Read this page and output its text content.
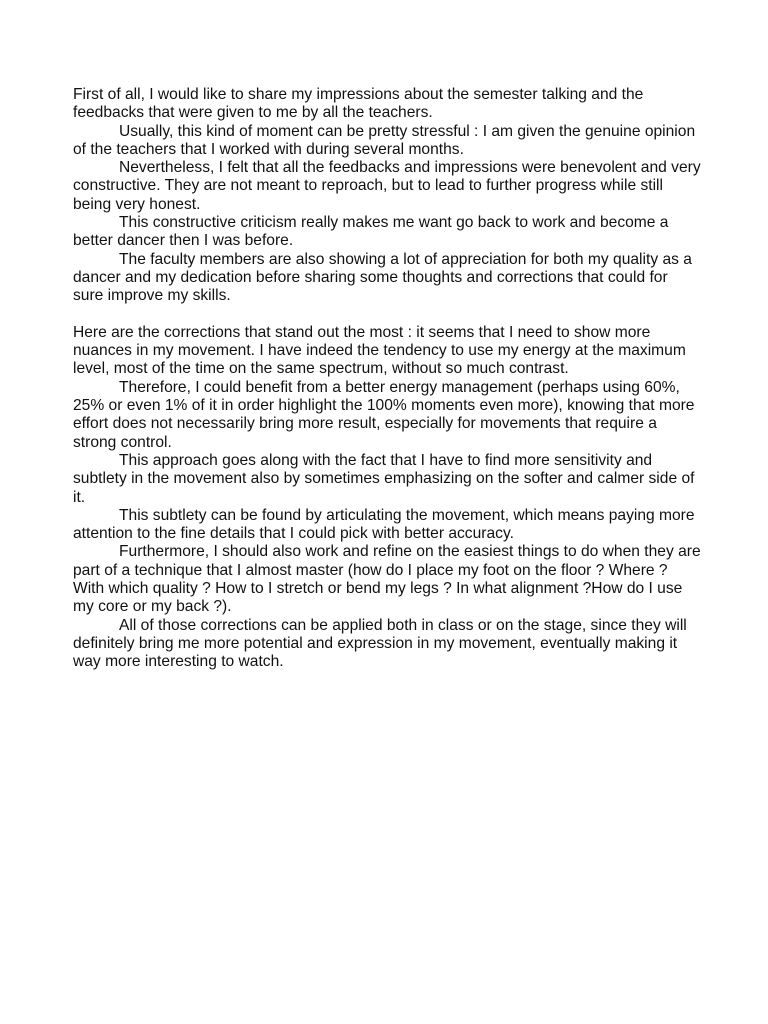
First of all, I would like to share my impressions about the semester talking and the feedbacks that were given to me by all the teachers.

Usually, this kind of moment can be pretty stressful : I am given the genuine opinion of the teachers that I worked with during several months.

Nevertheless, I felt that all the feedbacks and impressions were benevolent and very constructive. They are not meant to reproach, but to lead to further progress while still being very honest.

This constructive criticism really makes me want go back to work and become a better dancer then I was before.

The faculty members are also showing a lot of appreciation for both my quality as a dancer and my dedication before sharing some thoughts and corrections that could for sure improve my skills.

Here are the corrections that stand out the most : it seems that I need to show more nuances in my movement. I have indeed the tendency to use my energy at the maximum level, most of the time on the same spectrum, without so much contrast.

Therefore, I could benefit from a better energy management (perhaps using 60%, 25% or even 1% of it in order highlight the 100% moments even more), knowing that more effort does not necessarily bring more result, especially for movements that require a strong control.

This approach goes along with the fact that I have to find more sensitivity and subtlety in the movement also by sometimes emphasizing on the softer and calmer side of it.

This subtlety can be found by articulating the movement, which means paying more attention to the fine details that I could pick with better accuracy.

Furthermore, I should also work and refine on the easiest things to do when they are part of a technique that I almost master (how do I place my foot on the floor ? Where ? With which quality ? How to I stretch or bend my legs ? In what alignment ?How do I use my core or my back ?).

All of those corrections can be applied both in class or on the stage, since they will definitely bring me more potential and expression in my movement, eventually making it way more interesting to watch.
